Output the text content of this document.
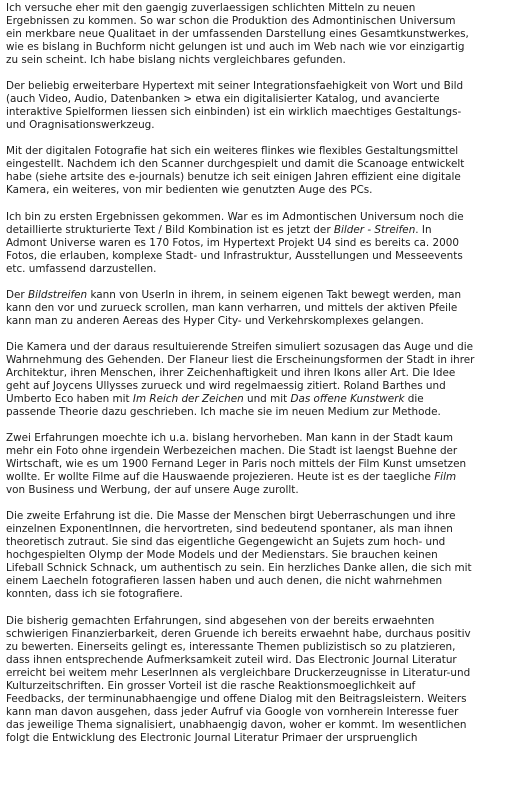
Ich versuche eher mit den gaengig zuverlaessigen schlichten Mitteln zu neuen
Ergebnissen zu kommen. So war schon die Produktion des Admontinischen Universum
ein merkbare neue Qualitaet in der umfassenden Darstellung eines Gesamtkunstwerkes,
wie es bislang in Buchform nicht gelungen ist und auch im Web nach wie vor einzigartig
zu sein scheint. Ich habe bislang nichts vergleichbares gefunden.
Der beliebig erweiterbare Hypertext mit seiner Integrationsfaehigkeit von Wort und Bild
(auch Video, Audio, Datenbanken > etwa ein digitalisierter Katalog, und avancierte
interaktive Spielformen liessen sich einbinden) ist ein wirklich maechtiges Gestaltungs-
und Oragnisationswerkzeug.
Mit der digitalen Fotografie hat sich ein weiteres flinkes wie flexibles Gestaltungsmittel
eingestellt. Nachdem ich den Scanner durchgespielt und damit die Scanoage entwickelt
habe (siehe artsite des e-journals) benutze ich seit einigen Jahren effizient eine digitale
Kamera, ein weiteres, von mir bedienten wie genutzten Auge des PCs.
Ich bin zu ersten Ergebnissen gekommen. War es im Admontischen Universum noch die
detaillierte strukturierte Text / Bild Kombination ist es jetzt der Bilder - Streifen. In
Admont Universe waren es 170 Fotos, im Hypertext Projekt U4 sind es bereits ca. 2000
Fotos, die erlauben, komplexe Stadt- und Infrastruktur, Ausstellungen und Messeevents
etc. umfassend darzustellen.
Der Bildstreifen kann von UserIn in ihrem, in seinem eigenen Takt bewegt werden, man
kann den vor und zurueck scrollen, man kann verharren, und mittels der aktiven Pfeile
kann man zu anderen Aereas des Hyper City- und Verkehrskomplexes gelangen.
Die Kamera und der daraus resultuierende Streifen simuliert sozusagen das Auge und die
Wahrnehmung des Gehenden. Der Flaneur liest die Erscheinungsformen der Stadt in ihrer
Architektur, ihren Menschen, ihrer Zeichenhaftigkeit und ihren Ikons aller Art. Die Idee
geht auf Joycens Ullysses zurueck und wird regelmaessig zitiert. Roland Barthes und
Umberto Eco haben mit Im Reich der Zeichen und mit Das offene Kunstwerk die
passende Theorie dazu geschrieben. Ich mache sie im neuen Medium zur Methode.
Zwei Erfahrungen moechte ich u.a. bislang hervorheben. Man kann in der Stadt kaum
mehr ein Foto ohne irgendein Werbezeichen machen. Die Stadt ist laengst Buehne der
Wirtschaft, wie es um 1900 Fernand Leger in Paris noch mittels der Film Kunst umsetzen
wollte. Er wollte Filme auf die Hauswaende projezieren. Heute ist es der taegliche Film
von Business und Werbung, der auf unsere Auge zurollt.
Die zweite Erfahrung ist die. Die Masse der Menschen birgt Ueberraschungen und ihre
einzelnen ExponentInnen, die hervortreten, sind bedeutend spontaner, als man ihnen
theoretisch zutraut. Sie sind das eigentliche Gegengewicht an Sujets zum hoch- und
hochgespielten Olymp der Mode Models und der Medienstars. Sie brauchen keinen
Lifeball Schnick Schnack, um authentisch zu sein. Ein herzliches Danke allen, die sich mit
einem Laecheln fotografieren lassen haben und auch denen, die nicht wahrnehmen
konnten, dass ich sie fotografiere.
Die bisherig gemachten Erfahrungen, sind abgesehen von der bereits erwaehnten
schwierigen Finanzierbarkeit, deren Gruende ich bereits erwaehnt habe, durchaus positiv
zu bewerten. Einerseits gelingt es, interessante Themen publizistisch so zu platzieren,
dass ihnen entsprechende Aufmerksamkeit zuteil wird. Das Electronic Journal Literatur
erreicht bei weitem mehr LeserInnen als vergleichbare Druckerzeugnisse in Literatur-und
Kulturzeitschriften. Ein grosser Vorteil ist die rasche Reaktionsmoeglichkeit auf
Feedbacks, der terminunabhaengige und offene Dialog mit den Beitragsleistern. Weiters
kann man davon ausgehen, dass jeder Aufruf via Google von vornherein Interesse fuer
das jeweilige Thema signalisiert, unabhaengig davon, woher er kommt. Im wesentlichen
folgt die Entwicklung des Electronic Journal Literatur Primaer der urspruenglich
